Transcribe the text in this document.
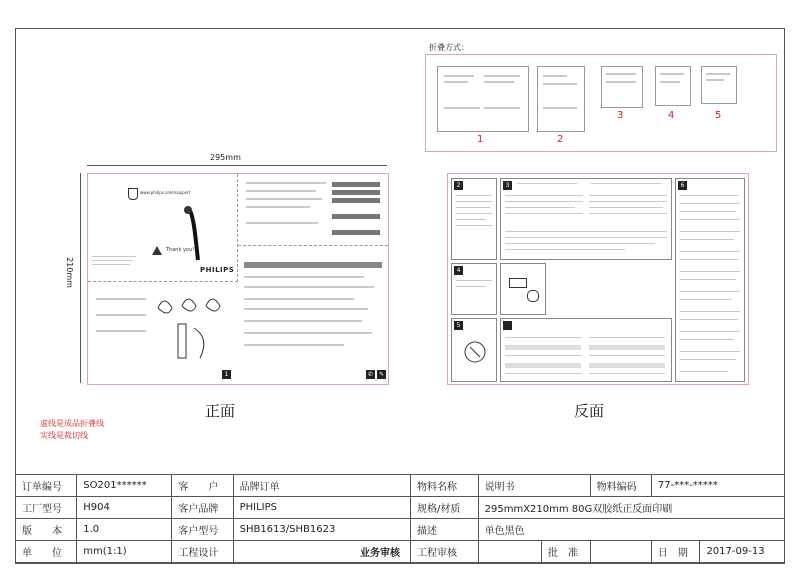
折叠方式：
1	2
3	4	5
295mm
210mm
www.philips.com/support
Thank you!
PHILIPS
✆ ✎
1
正面
2	3	6
4
5
反面
虚线是成品折叠线
实线是裁切线
订单编号	SO201******	客　　户	品牌订单	物料名称	说明书		物料编码	77-***-*****	
工厂型号	H904	客户品牌	PHILIPS	规格/材质	295mmX210mm 80G双胶纸正反面印刷				
版　　本	1.0	客户型号	SHB1613/SHB1623	描述	单色黑色				
单　　位	mm(1:1)	工程设计	业务审核	工程审核		批　准		日　期	2017-09-13
